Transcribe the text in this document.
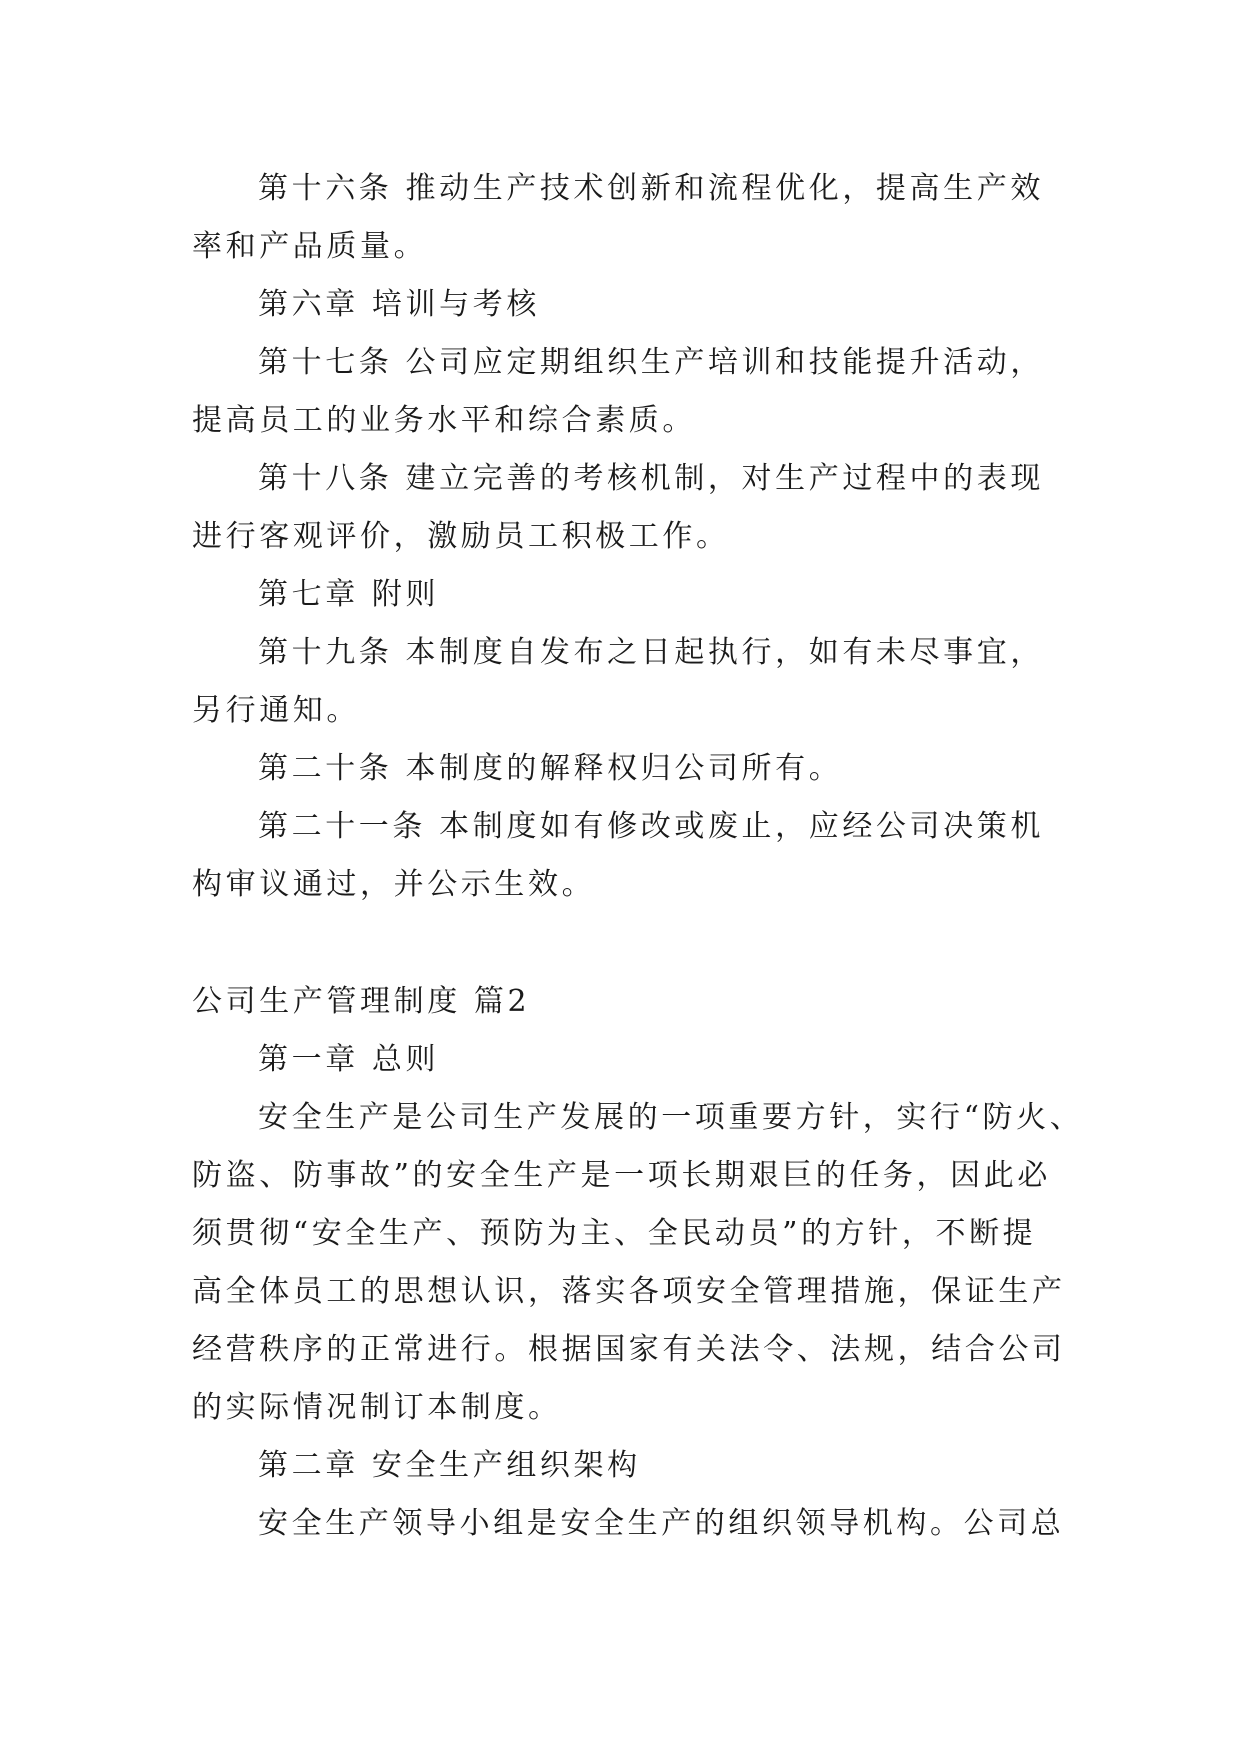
第十六条 推动生产技术创新和流程优化，提高生产效
率和产品质量。
第六章 培训与考核
第十七条 公司应定期组织生产培训和技能提升活动，
提高员工的业务水平和综合素质。
第十八条 建立完善的考核机制，对生产过程中的表现
进行客观评价，激励员工积极工作。
第七章 附则
第十九条 本制度自发布之日起执行，如有未尽事宜，
另行通知。
第二十条 本制度的解释权归公司所有。
第二十一条 本制度如有修改或废止，应经公司决策机
构审议通过，并公示生效。
公司生产管理制度 篇2
第一章 总则
安全生产是公司生产发展的一项重要方针，实行“防火、
防盗、防事故”的安全生产是一项长期艰巨的任务，因此必
须贯彻“安全生产、预防为主、全民动员”的方针，不断提
高全体员工的思想认识，落实各项安全管理措施，保证生产
经营秩序的正常进行。根据国家有关法令、法规，结合公司
的实际情况制订本制度。
第二章 安全生产组织架构
安全生产领导小组是安全生产的组织领导机构。公司总
